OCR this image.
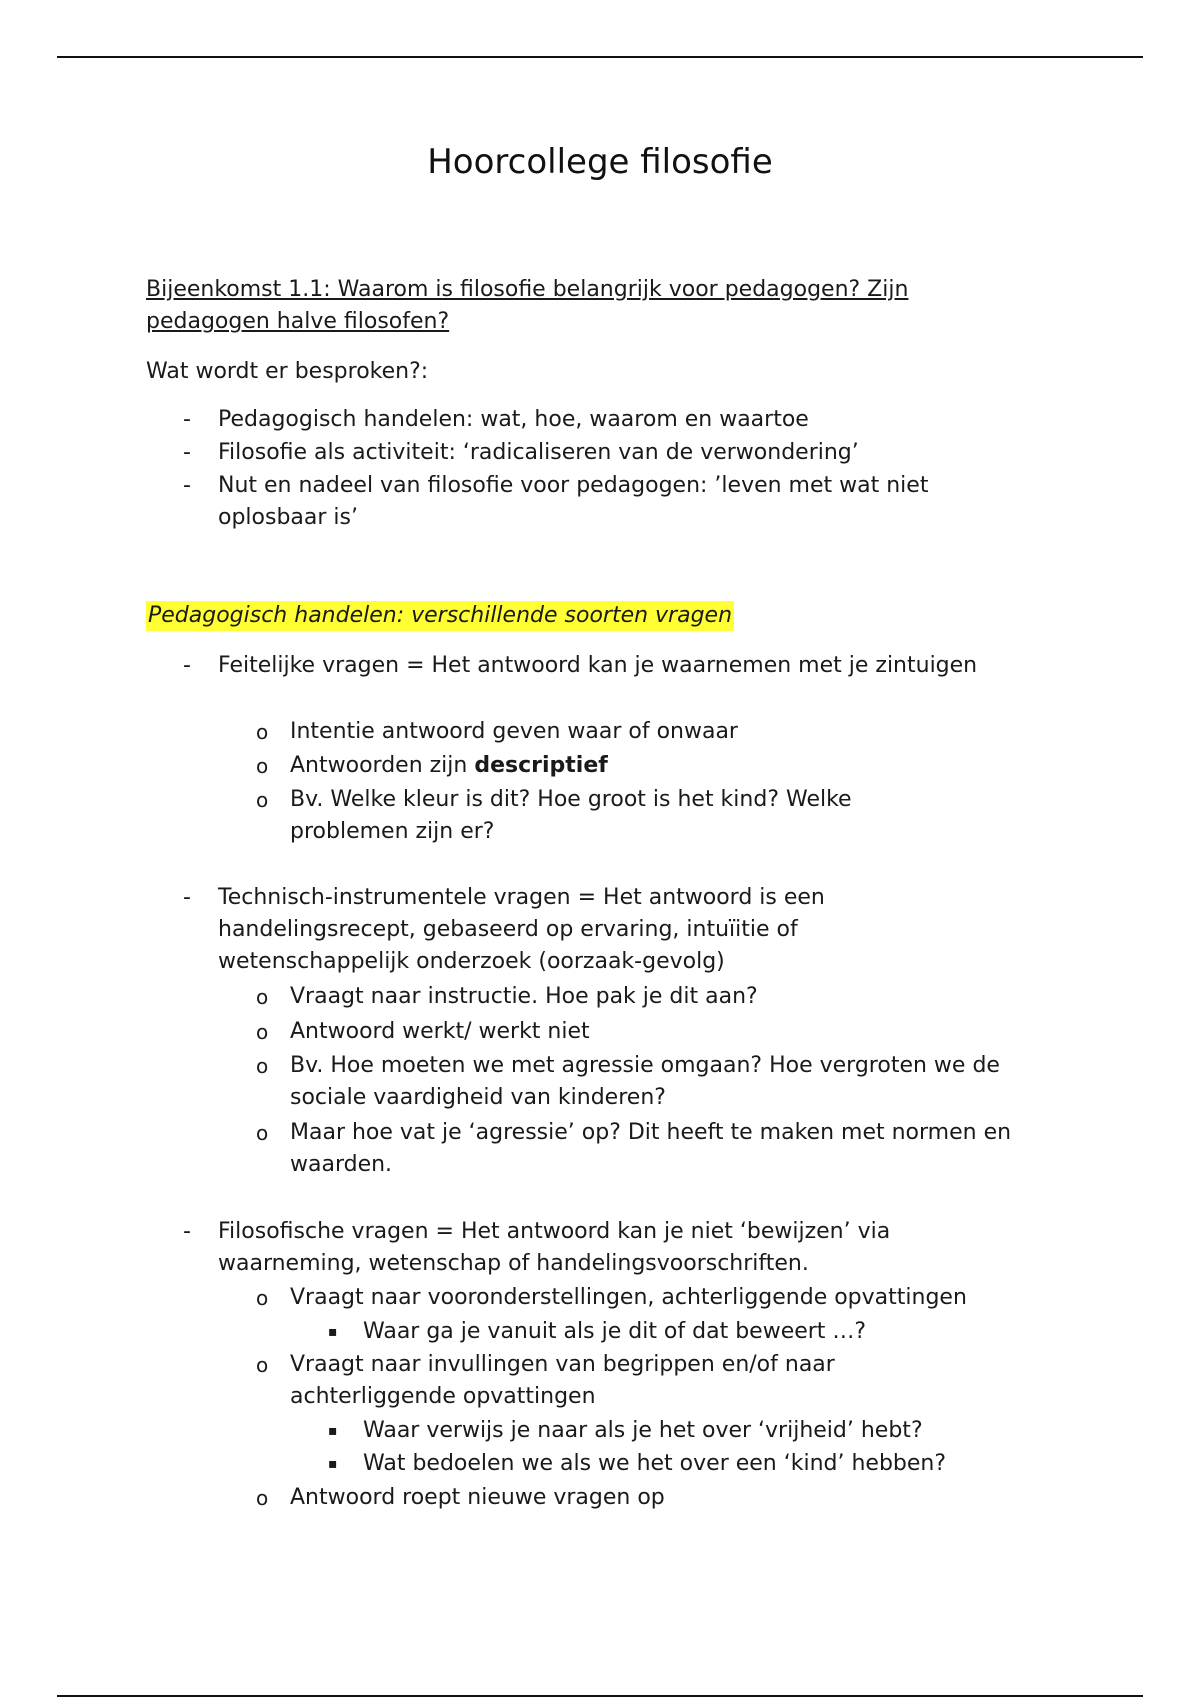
Hoorcollege filosofie
Bijeenkomst 1.1: Waarom is filosofie belangrijk voor pedagogen? Zijn pedagogen halve filosofen?
Wat wordt er besproken?:
- Pedagogisch handelen: wat, hoe, waarom en waartoe
- Filosofie als activiteit: ‘radicaliseren van de verwondering’
- Nut en nadeel van filosofie voor pedagogen: ’leven met wat niet oplosbaar is’
Pedagogisch handelen: verschillende soorten vragen
- Feitelijke vragen = Het antwoord kan je waarnemen met je zintuigen
o Intentie antwoord geven waar of onwaar
o Antwoorden zijn descriptief
o Bv. Welke kleur is dit? Hoe groot is het kind? Welke problemen zijn er?
- Technisch-instrumentele vragen = Het antwoord is een handelingsrecept, gebaseerd op ervaring, intuïitie of wetenschappelijk onderzoek (oorzaak-gevolg)
o Vraagt naar instructie. Hoe pak je dit aan?
o Antwoord werkt/ werkt niet
o Bv. Hoe moeten we met agressie omgaan? Hoe vergroten we de sociale vaardigheid van kinderen?
o Maar hoe vat je ‘agressie’ op? Dit heeft te maken met normen en waarden.
- Filosofische vragen = Het antwoord kan je niet ‘bewijzen’ via waarneming, wetenschap of handelingsvoorschriften.
o Vraagt naar vooronderstellingen, achterliggende opvattingen
▪ Waar ga je vanuit als je dit of dat beweert …?
o Vraagt naar invullingen van begrippen en/of naar achterliggende opvattingen
▪ Waar verwijs je naar als je het over ‘vrijheid’ hebt?
▪ Wat bedoelen we als we het over een ‘kind’ hebben?
o Antwoord roept nieuwe vragen op
